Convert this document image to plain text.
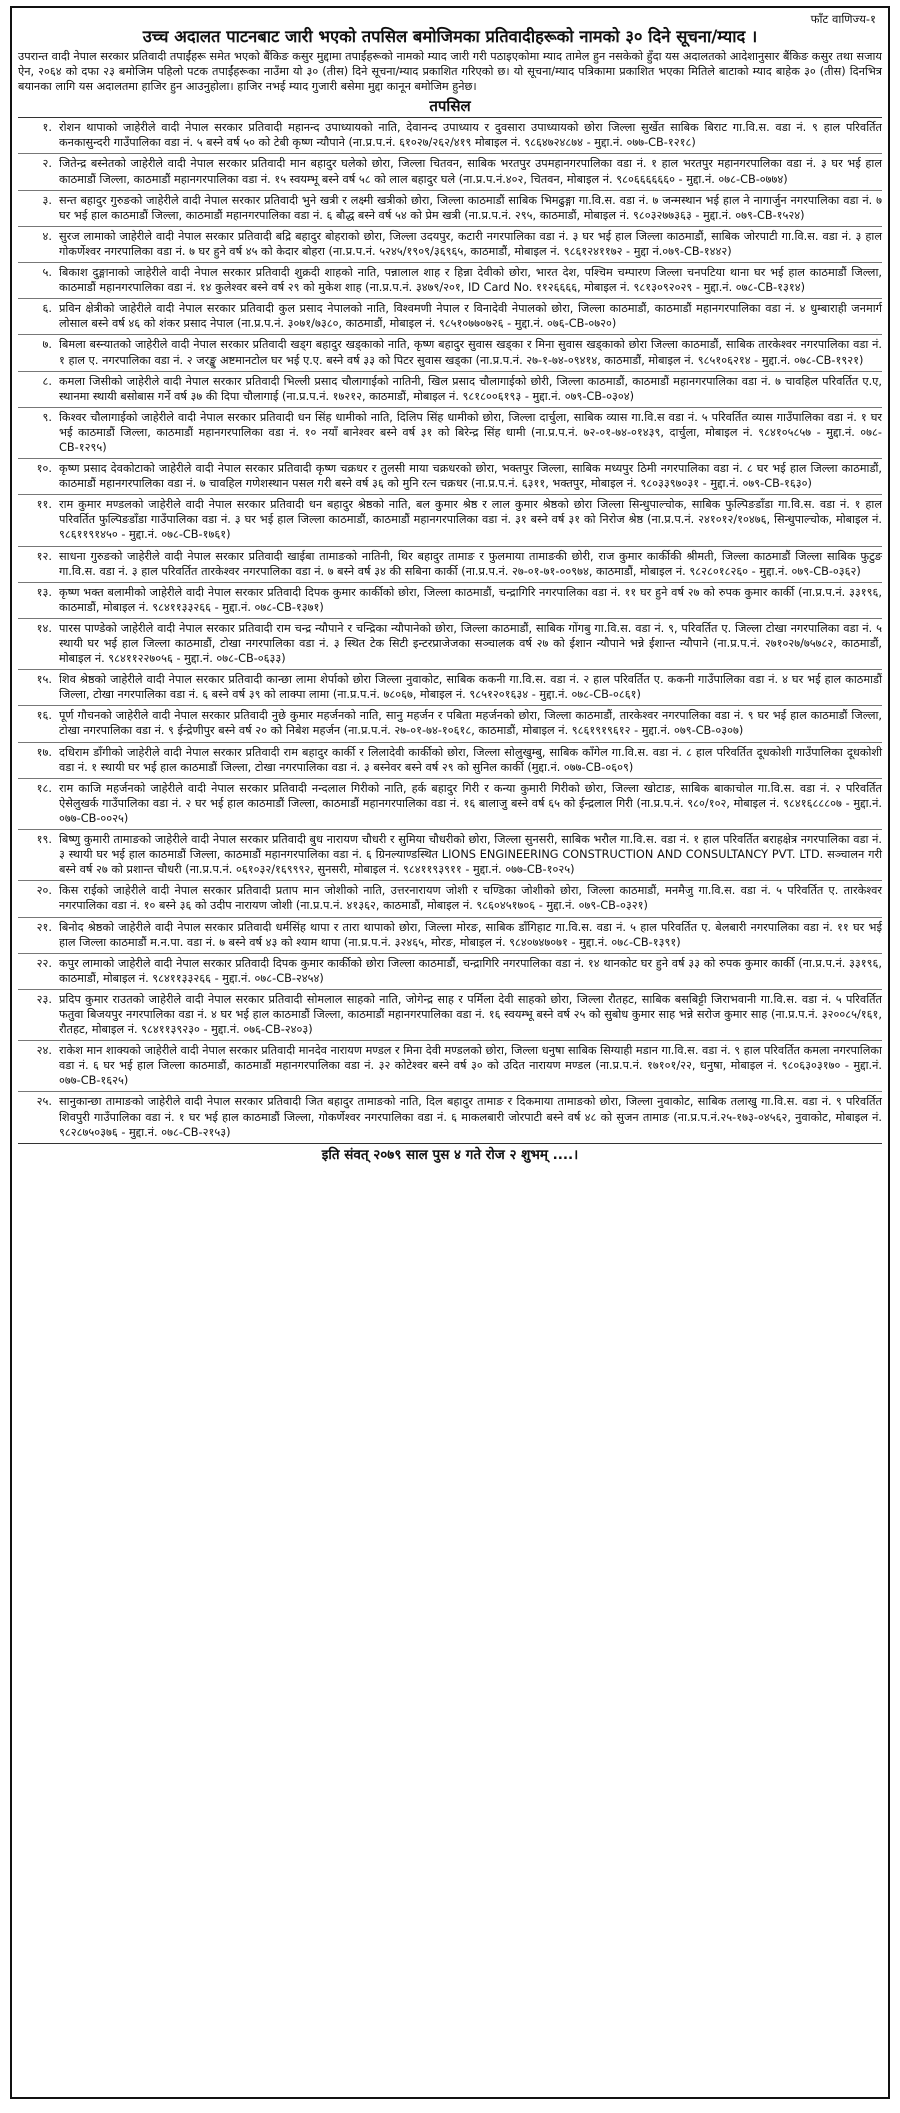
फाँट वाणिज्य-१
उच्च अदालत पाटनबाट जारी भएको तपसिल बमोजिमका प्रतिवादीहरूको नामको ३० दिने सूचना/म्याद ।
उपरान्त वादी नेपाल सरकार प्रतिवादी तपाईंहरू समेत भएको बैंकिङ कसुर मुद्दामा तपाईंहरूको नामको म्याद जारी गरी पठाइएकोमा म्याद तामेल हुन नसकेको हुँदा यस अदालतको आदेशानुसार बैंकिङ कसुर तथा सजाय ऐन, २०६४ को दफा २३ बमोजिम पहिलो पटक तपाईंहरूका नाउँमा यो ३० (तीस) दिने सूचना/म्याद प्रकाशित गरिएको छ। यो सूचना/म्याद पत्रिकामा प्रकाशित भएका मितिले बाटाको म्याद बाहेक ३० (तीस) दिनभित्र बयानका लागि यस अदालतमा हाजिर हुन आउनुहोला। हाजिर नभई म्याद गुजारी बसेमा मुद्दा कानून बमोजिम हुनेछ।
तपसिल
१. रोशन थापाको जाहेरीले वादी नेपाल सरकार प्रतिवादी महानन्द उपाध्यायको नाति, देवानन्द उपाध्याय र दुवसारा उपाध्यायको छोरा जिल्ला सुर्खेत साबिक बिराट गा.वि.स. वडा नं. ९ हाल परिवर्तित कनकासुन्दरी गाउँपालिका वडा नं. ५ बस्ने वर्ष ५० को टेबी कृष्ण न्यौपाने (ना.प्र.प.नं. ६१०२७/२६२/४१९ मोबाइल नं. ९८६४७२४८७४ - मुद्दा.नं. ०७७-CB-१२१८)
२. जितेन्द्र बस्नेतको जाहेरीले वादी नेपाल सरकार प्रतिवादी मान बहादुर घलेको छोरा, जिल्ला चितवन, साबिक भरतपुर उपमहानगरपालिका वडा नं. १ हाल भरतपुर महानगरपालिका वडा नं. ३ घर भई हाल काठमाडौं जिल्ला, काठमाडौं महानगरपालिका वडा नं. १५ स्वयम्भू बस्ने वर्ष ५८ को लाल बहादुर घले (ना.प्र.प.नं.४०२, चितवन, मोबाइल नं. ९८०६६६६६६० - मुद्दा.नं. ०७८-CB-०७७४)
३. सन्त बहादुर गुरुङको जाहेरीले वादी नेपाल सरकार प्रतिवादी भुने खत्री र लक्ष्मी खत्रीको छोरा, जिल्ला काठमाडौं साबिक भिमढुङ्गा गा.वि.स. वडा नं. ७ जन्मस्थान भई हाल ने नागार्जुन नगरपालिका वडा नं. ७ घर भई हाल काठमाडौं जिल्ला, काठमाडौं महानगरपालिका वडा नं. ६ बौद्ध बस्ने वर्ष ५४ को प्रेम खत्री (ना.प्र.प.नं. २९५, काठमाडौं, मोबाइल नं. ९८०३२७७३६३ - मुद्दा.नं. ०७९-CB-१५२४)
४. सुरज लामाको जाहेरीले वादी नेपाल सरकार प्रतिवादी बद्रि बहादुर बोहराको छोरा, जिल्ला उदयपुर, कटारी नगरपालिका वडा नं. ३ घर भई हाल जिल्ला काठमाडौं, साबिक जोरपाटी गा.वि.स. वडा नं. ३ हाल गोकर्णेश्वर नगरपालिका वडा नं. ७ घर हुने वर्ष ४५ को केदार बोहरा (ना.प्र.प.नं. ५२४५/१९०९/३६९६५, काठमाडौं, मोबाइल नं. ९८६१२४११७२ - मुद्दा नं.०७९-CB-१४४२)
५. बिकाश दुङ्गानाको जाहेरीले वादी नेपाल सरकार प्रतिवादी शुक्रदी शाहको नाति, पन्नालाल शाह र हिन्ना देवीको छोरा, भारत देश, पश्चिम चम्पारण जिल्ला चनपटिया थाना घर भई हाल काठमाडौं जिल्ला, काठमाडौं महानगरपालिका वडा नं. १४ कुलेश्वर बस्ने वर्ष २९ को मुकेश शाह (ना.प्र.प.नं. ३४७९/२०१, ID Card No. ११२६६६६, मोबाइल नं. ९८१३०९२०२९ - मुद्दा.नं. ०७८-CB-१३१४)
६. प्रविन क्षेत्रीको जाहेरीले वादी नेपाल सरकार प्रतिवादी कुल प्रसाद नेपालको नाति, विश्वमणी नेपाल र विनादेवी नेपालको छोरा, जिल्ला काठमाडौं, काठमाडौं महानगरपालिका वडा नं. ४ धुम्बाराही जनमार्ग लोसाल बस्ने वर्ष ४६ को शंकर प्रसाद नेपाल (ना.प्र.प.नं. ३०७१/७३८०, काठमाडौं, मोबाइल नं. ९८५१०७७०७२६ - मुद्दा.नं. ०७६-CB-०७२०)
७. बिमला बस्न्यातको जाहेरीले वादी नेपाल सरकार प्रतिवादी खड्ग बहादुर खड्काको नाति, कृष्ण बहादुर सुवास खड्का र मिना सुवास खड्काको छोरा जिल्ला काठमाडौं, साबिक तारकेश्वर नगरपालिका वडा नं. १ हाल ए. नगरपालिका वडा नं. २ जरङ्खु अष्टमानटोल घर भई ए.ए. बस्ने वर्ष ३३ को पिटर सुवास खड्का (ना.प्र.प.नं. २७-१-७४-०९४१४, काठमाडौं, मोबाइल नं. ९८५१०६२१४ - मुद्दा.नं. ०७८-CB-१९२१)
८. कमला जिसीको जाहेरीले वादी नेपाल सरकार प्रतिवादी भिल्ली प्रसाद चौलागाईको नातिनी, खिल प्रसाद चौलागाईको छोरी, जिल्ला काठमाडौं, काठमाडौं महानगरपालिका वडा नं. ७ चावहिल परिवर्तित ए.ए, स्थानमा स्थायी बसोबास गर्ने वर्ष ३७ की दिपा चौलागाई (ना.प्र.प.नं. १७२१२, काठमाडौं, मोबाइल नं. ९८१८००६१९३ - मुद्दा.नं. ०७९-CB-०३०४)
९. किश्वर चौलागाईको जाहेरीले वादी नेपाल सरकार प्रतिवादी धन सिंह धामीको नाति, दिलिप सिंह धामीको छोरा, जिल्ला दार्चुला, साबिक व्यास गा.वि.स वडा नं. ५ परिवर्तित व्यास गाउँपालिका वडा नं. १ घर भई काठमाडौं जिल्ला, काठमाडौं महानगरपालिका वडा नं. १० नयाँ बानेश्वर बस्ने वर्ष ३१ को बिरेन्द्र सिंह धामी (ना.प्र.प.नं. ७२-०१-७४-०१४३९, दार्चुला, मोबाइल नं. ९८४१०५८५७ - मुद्दा.नं. ०७८-CB-१२९५)
१०. कृष्ण प्रसाद देवकोटाको जाहेरीले वादी नेपाल सरकार प्रतिवादी कृष्ण चक्रधर र तुलसी माया चक्रधरको छोरा, भक्तपुर जिल्ला, साबिक मध्यपुर ठिमी नगरपालिका वडा नं. ८ घर भई हाल जिल्ला काठमाडौं, काठमाडौं महानगरपालिका वडा नं. ७ चावहिल गणेशस्थान पसल गरी बस्ने वर्ष ३६ को मुनि रत्न चक्रधर (ना.प्र.प.नं. ६३११, भक्तपुर, मोबाइल नं. ९८०३३९७०३१ - मुद्दा.नं. ०७९-CB-१६३०)
११. राम कुमार मण्डलको जाहेरीले वादी नेपाल सरकार प्रतिवादी धन बहादुर श्रेष्ठको नाति, बल कुमार श्रेष्ठ र लाल कुमार श्रेष्ठको छोरा जिल्ला सिन्धुपाल्चोक, साबिक फुल्पिङडाँडा गा.वि.स. वडा नं. १ हाल परिवर्तित फुल्पिङडाँडा गाउँपालिका वडा नं. ३ घर भई हाल जिल्ला काठमाडौं, काठमाडौं महानगरपालिका वडा नं. ३१ बस्ने वर्ष ३१ को निरोज श्रेष्ठ (ना.प्र.प.नं. २४१०१२/१०४७६, सिन्धुपाल्चोक, मोबाइल नं. ९८६११९१४५० - मुद्दा.नं. ०७८-CB-१७६१)
१२. साधना गुरुङको जाहेरीले वादी नेपाल सरकार प्रतिवादी खाईबा तामाङको नातिनी, थिर बहादुर तामाङ र फुलमाया तामाङकी छोरी, राज कुमार कार्कीकी श्रीमती, जिल्ला काठमाडौं जिल्ला साबिक फुटुङ गा.वि.स. वडा नं. ३ हाल परिवर्तित तारकेश्वर नगरपालिका वडा नं. ७ बस्ने वर्ष ३४ की सबिना कार्की (ना.प्र.प.नं. २७-०१-७१-००९७४, काठमाडौं, मोबाइल नं. ९८२८०१८२६० - मुद्दा.नं. ०७९-CB-०३६२)
१३. कृष्ण भक्त बलामीको जाहेरीले वादी नेपाल सरकार प्रतिवादी दिपक कुमार कार्कीको छोरा, जिल्ला काठमाडौं, चन्द्रागिरि नगरपालिका वडा नं. ११ घर हुने वर्ष २७ को रुपक कुमार कार्की (ना.प्र.प.नं. ३३१९६, काठमाडौं, मोबाइल नं. ९८४११३३२६६ - मुद्दा.नं. ०७८-CB-१३७१)
१४. पारस पाण्डेको जाहेरीले वादी नेपाल सरकार प्रतिवादी राम चन्द्र न्यौपाने र चन्द्रिका न्यौपानेको छोरा, जिल्ला काठमाडौं, साबिक गोंगबु गा.वि.स. वडा नं. ९, परिवर्तित ए. जिल्ला टोखा नगरपालिका वडा नं. ५ स्थायी घर भई हाल जिल्ला काठमाडौं, टोखा नगरपालिका वडा नं. ३ स्थित टेक सिटी इन्टरप्राजेजका सञ्चालक वर्ष २७ को ईशान न्यौपाने भन्ने ईशान्त न्यौपाने (ना.प्र.प.नं. २७१०२७/७५७८२, काठमाडौं, मोबाइल नं. ९८४११२२७०५६ - मुद्दा.नं. ०७८-CB-०६३३)
१५. शिव श्रेष्ठको जाहेरीले वादी नेपाल सरकार प्रतिवादी कान्छा लामा शेर्पाको छोरा जिल्ला नुवाकोट, साबिक ककनी गा.वि.स. वडा नं. २ हाल परिवर्तित ए. ककनी गाउँपालिका वडा नं. ४ घर भई हाल काठमाडौं जिल्ला, टोखा नगरपालिका वडा नं. ६ बस्ने वर्ष ३९ को लाक्पा लामा (ना.प्र.प.नं. ७८०६७, मोबाइल नं. ९८५१२०१६३४ - मुद्दा.नं. ०७८-CB-०८६१)
१६. पूर्ण गौचनको जाहेरीले वादी नेपाल सरकार प्रतिवादी नुछे कुमार महर्जनको नाति, सानु महर्जन र पबिता महर्जनको छोरा, जिल्ला काठमाडौं, तारकेश्वर नगरपालिका वडा नं. ९ घर भई हाल काठमाडौं जिल्ला, टोखा नगरपालिका वडा नं. ९ ईन्द्रेणीपुर बस्ने वर्ष २० को निबेश महर्जन (ना.प्र.प.नं. २७-०१-७४-१०६१८, काठमाडौं, मोबाइल नं. ९८६१९१९६१२ - मुद्दा.नं. ०७९-CB-०३०७)
१७. दधिराम डाँगीको जाहेरीले वादी नेपाल सरकार प्रतिवादी राम बहादुर कार्की र लिलादेवी कार्कीको छोरा, जिल्ला सोलुखुम्बु, साबिक काँगेल गा.वि.स. वडा नं. ८ हाल परिवर्तित दूधकोशी गाउँपालिका दूधकोशी वडा नं. १ स्थायी घर भई हाल काठमाडौं जिल्ला, टोखा नगरपालिका वडा नं. ३ बस्नेवर बस्ने वर्ष २९ को सुनिल कार्की (मुद्दा.नं. ०७७-CB-०६०९)
१८. राम काजि महर्जनको जाहेरीले वादी नेपाल सरकार प्रतिवादी नन्दलाल गिरीको नाति, हर्क बहादुर गिरी र कन्या कुमारी गिरीको छोरा, जिल्ला खोटाङ, साबिक बाकाचोल गा.वि.स. वडा नं. २ परिवर्तित ऐसेलुखर्क गाउँपालिका वडा नं. २ घर भई हाल काठमाडौं जिल्ला, काठमाडौं महानगरपालिका वडा नं. १६ बालाजु बस्ने वर्ष ६५ को ईन्द्रलाल गिरी (ना.प्र.प.नं. ९८०/१०२, मोबाइल नं. ९८४१६८८८०७ - मुद्दा.नं. ०७७-CB-००२५)
१९. बिष्णु कुमारी तामाङको जाहेरीले वादी नेपाल सरकार प्रतिवादी बुध नारायण चौधरी र सुमिया चौधरीको छोरा, जिल्ला सुनसरी, साबिक भरौल गा.वि.स. वडा नं. १ हाल परिवर्तित बराहक्षेत्र नगरपालिका वडा नं. ३ स्थायी घर भई हाल काठमाडौं जिल्ला, काठमाडौं महानगरपालिका वडा नं. ६ ग्रिनल्याण्डस्थित LIONS ENGINEERING CONSTRUCTION AND CONSULTANCY PVT. LTD. सञ्चालन गरी बस्ने वर्ष २७ को प्रशान्त चौधरी (ना.प्र.प.नं. ०६१०३२/१६९९९२, सुनसरी, मोबाइल नं. ९८४११९३९११ - मुद्दा.नं. ०७७-CB-१०२५)
२०. किस राईको जाहेरीले वादी नेपाल सरकार प्रतिवादी प्रताप मान जोशीको नाति, उत्तरनारायण जोशी र चण्डिका जोशीको छोरा, जिल्ला काठमाडौं, मनमैजु गा.वि.स. वडा नं. ५ परिवर्तित ए. तारकेश्वर नगरपालिका वडा नं. १० बस्ने ३६ को उदीप नारायण जोशी (ना.प्र.प.नं. ४१३६२, काठमाडौं, मोबाइल नं. ९८६०४५१७०६ - मुद्दा.नं. ०७९-CB-०३२१)
२१. बिनोद श्रेष्ठको जाहेरीले वादी नेपाल सरकार प्रतिवादी धर्मसिंह थापा र तारा थापाको छोरा, जिल्ला मोरङ, साबिक डाँगिहाट गा.वि.स. वडा नं. ५ हाल परिवर्तित ए. बेलबारी नगरपालिका वडा नं. ११ घर भई हाल जिल्ला काठमाडौं म.न.पा. वडा नं. ७ बस्ने वर्ष ४३ को श्याम थापा (ना.प्र.प.नं. ३२४६५, मोरङ, मोबाइल नं. ९८४०७४७०७१ - मुद्दा.नं. ०७८-CB-१३९१)
२२. कपुर लामाको जाहेरीले वादी नेपाल सरकार प्रतिवादी दिपक कुमार कार्कीको छोरा जिल्ला काठमाडौं, चन्द्रागिरि नगरपालिका वडा नं. १४ थानकोट घर हुने वर्ष ३३ को रुपक कुमार कार्की (ना.प्र.प.नं. ३३१९६, काठमाडौं, मोबाइल नं. ९८४११३३२६६ - मुद्दा.नं. ०७८-CB-२४५४)
२३. प्रदिप कुमार राउतको जाहेरीले वादी नेपाल सरकार प्रतिवादी सोमलाल साहको नाति, जोगेन्द्र साह र पर्मिला देवी साहको छोरा, जिल्ला रौतहट, साबिक बसबिट्टी जिराभवानी गा.वि.स. वडा नं. ५ परिवर्तित फतुवा बिजयपुर नगरपालिका वडा नं. ४ घर भई हाल काठमाडौं जिल्ला, काठमाडौं महानगरपालिका वडा नं. १६ स्वयम्भू बस्ने वर्ष २५ को सुबोध कुमार साह भन्ने सरोज कुमार साह (ना.प्र.प.नं. ३२००८५/१६१, रौतहट, मोबाइल नं. ९८४११३९२३० - मुद्दा.नं. ०७६-CB-२४०३)
२४. राकेश मान शाक्यको जाहेरीले वादी नेपाल सरकार प्रतिवादी मानदेव नारायण मण्डल र मिना देवी मण्डलको छोरा, जिल्ला धनुषा साबिक सिग्याही मडान गा.वि.स. वडा नं. ९ हाल परिवर्तित कमला नगरपालिका वडा नं. ६ घर भई हाल जिल्ला काठमाडौं, काठमाडौं महानगरपालिका वडा नं. ३२ कोटेश्वर बस्ने वर्ष ३० को उदित नारायण मण्डल (ना.प्र.प.नं. १७१०१/२२, धनुषा, मोबाइल नं. ९८०६३०३१७० - मुद्दा.नं. ०७७-CB-१६२५)
२५. सानुकान्छा तामाङको जाहेरीले वादी नेपाल सरकार प्रतिवादी जित बहादुर तामाङको नाति, दिल बहादुर तामाङ र दिकमाया तामाङको छोरा, जिल्ला नुवाकोट, साबिक तलाखु गा.वि.स. वडा नं. ९ परिवर्तित शिवपुरी गाउँपालिका वडा नं. १ घर भई हाल काठमाडौं जिल्ला, गोकर्णेश्वर नगरपालिका वडा नं. ६ माकलबारी जोरपाटी बस्ने वर्ष ४८ को सुजन तामाङ (ना.प्र.प.नं.२५-१७३-०४५६२, नुवाकोट, मोबाइल नं. ९८२८७५०३७६ - मुद्दा.नं. ०७८-CB-२१५३)
इति संवत् २०७९ साल पुस ४ गते रोज २ शुभम् ....।
